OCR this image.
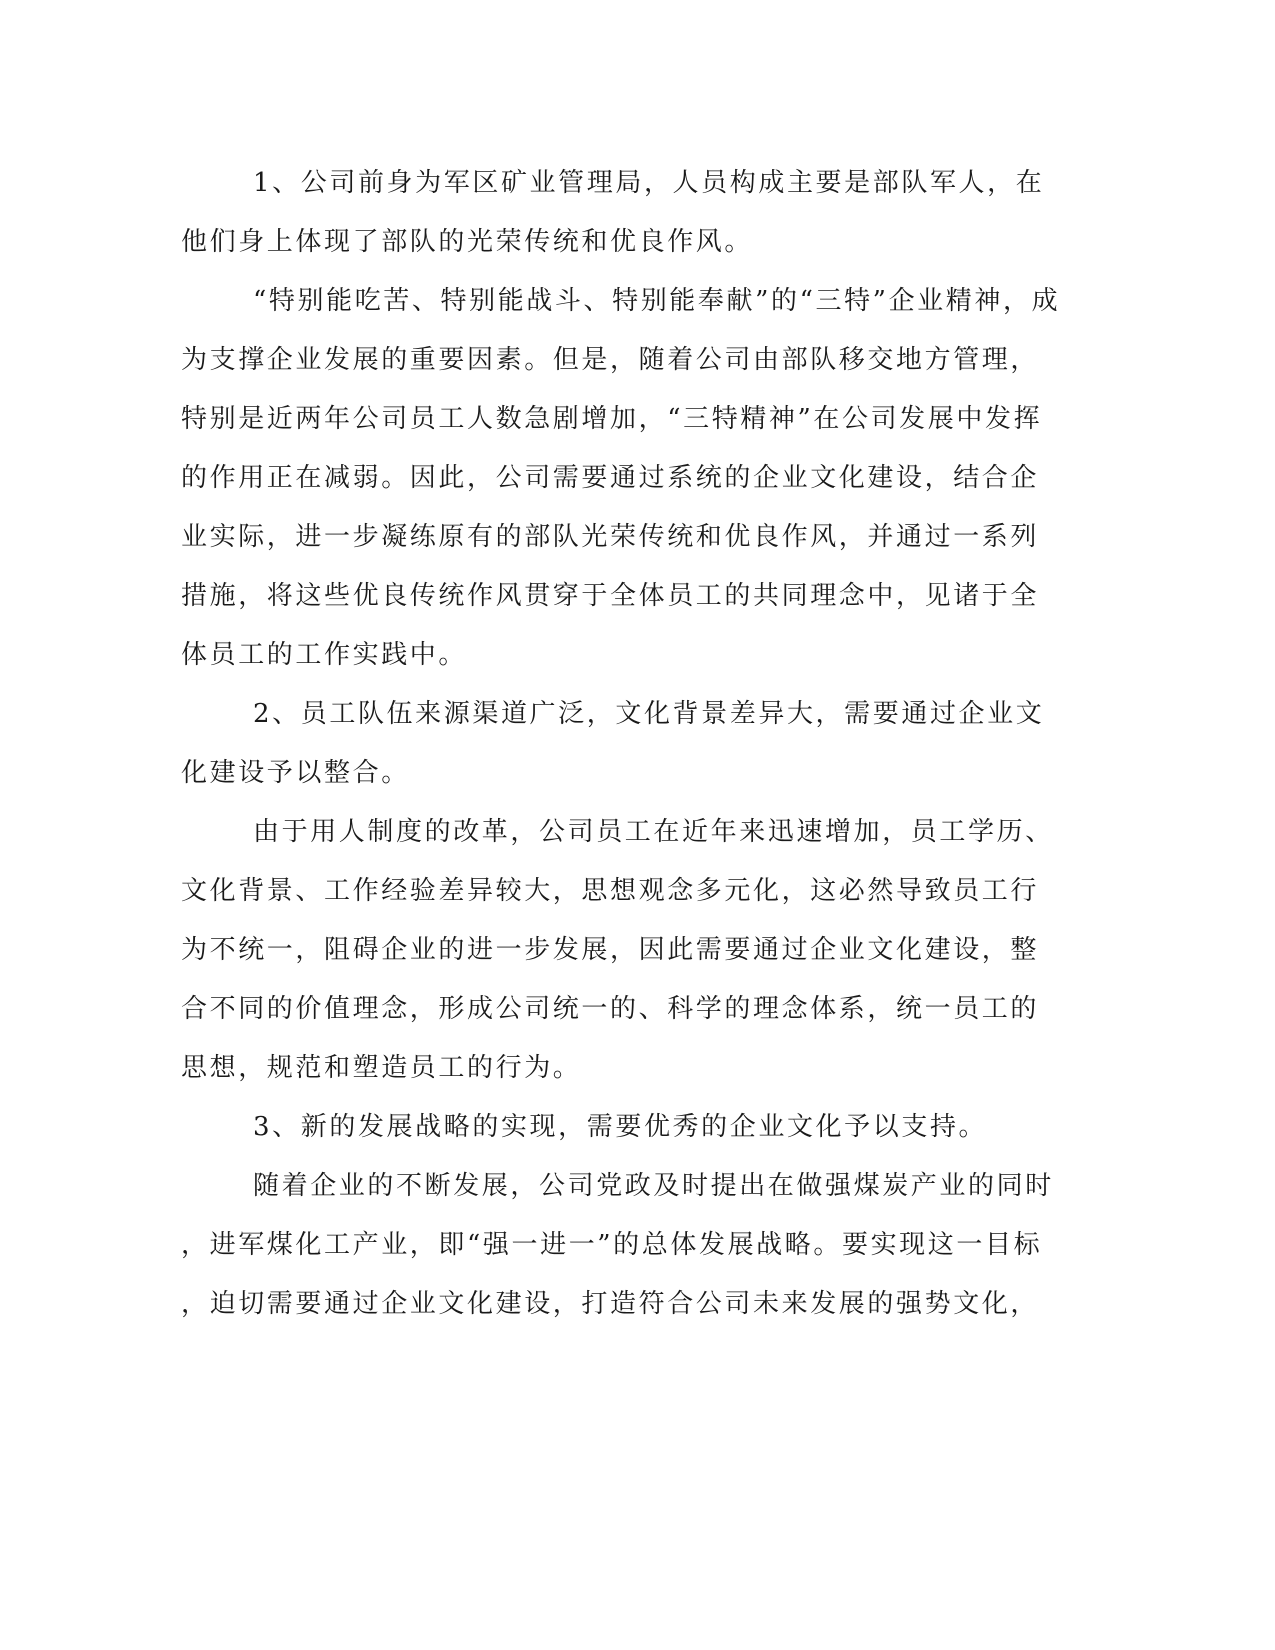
1、公司前身为军区矿业管理局，人员构成主要是部队军人，在
他们身上体现了部队的光荣传统和优良作风。

“特别能吃苦、特别能战斗、特别能奉献”的“三特”企业精神，成
为支撑企业发展的重要因素。但是，随着公司由部队移交地方管理，
特别是近两年公司员工人数急剧增加，“三特精神”在公司发展中发挥
的作用正在减弱。因此，公司需要通过系统的企业文化建设，结合企
业实际，进一步凝练原有的部队光荣传统和优良作风，并通过一系列
措施，将这些优良传统作风贯穿于全体员工的共同理念中，见诸于全
体员工的工作实践中。

2、员工队伍来源渠道广泛，文化背景差异大，需要通过企业文
化建设予以整合。

由于用人制度的改革，公司员工在近年来迅速增加，员工学历、
文化背景、工作经验差异较大，思想观念多元化，这必然导致员工行
为不统一，阻碍企业的进一步发展，因此需要通过企业文化建设，整
合不同的价值理念，形成公司统一的、科学的理念体系，统一员工的
思想，规范和塑造员工的行为。

3、新的发展战略的实现，需要优秀的企业文化予以支持。

随着企业的不断发展，公司党政及时提出在做强煤炭产业的同时
，进军煤化工产业，即“强一进一”的总体发展战略。要实现这一目标
，迫切需要通过企业文化建设，打造符合公司未来发展的强势文化，
